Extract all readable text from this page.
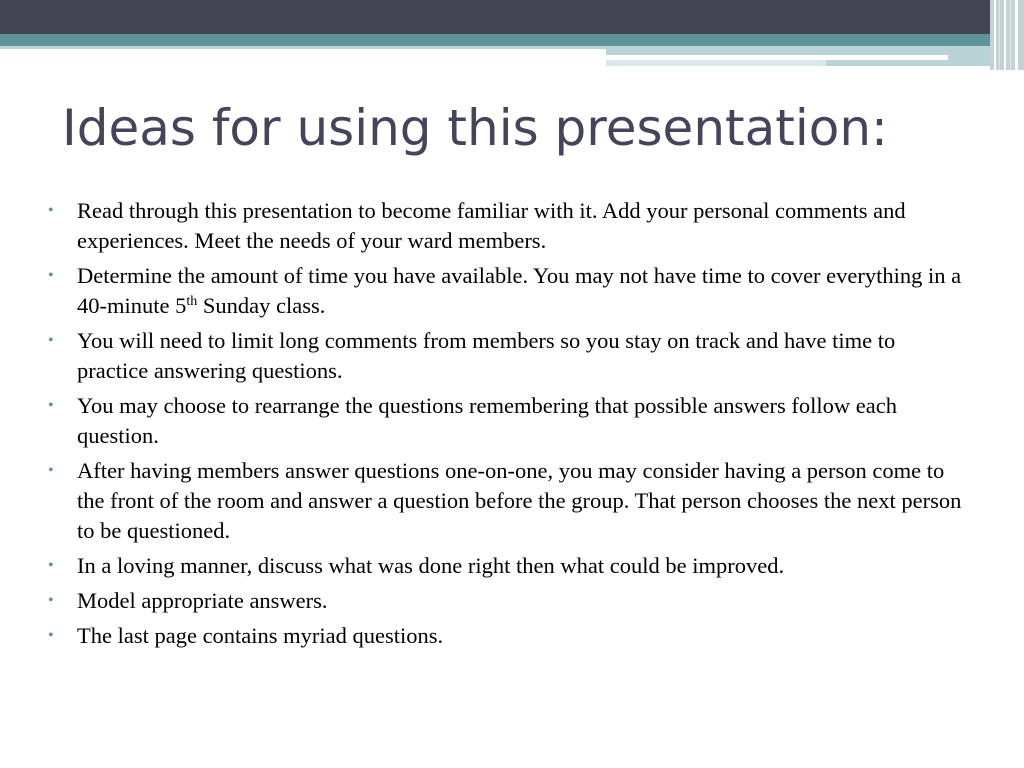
Ideas for using this presentation:
• Read through this presentation to become familiar with it. Add your personal comments and experiences. Meet the needs of your ward members.
• Determine the amount of time you have available. You may not have time to cover everything in a 40-minute 5th Sunday class.
• You will need to limit long comments from members so you stay on track and have time to practice answering questions.
• You may choose to rearrange the questions remembering that possible answers follow each question.
• After having members answer questions one-on-one, you may consider having a person come to the front of the room and answer a question before the group. That person chooses the next person to be questioned.
• In a loving manner, discuss what was done right then what could be improved.
• Model appropriate answers.
• The last page contains myriad questions.
